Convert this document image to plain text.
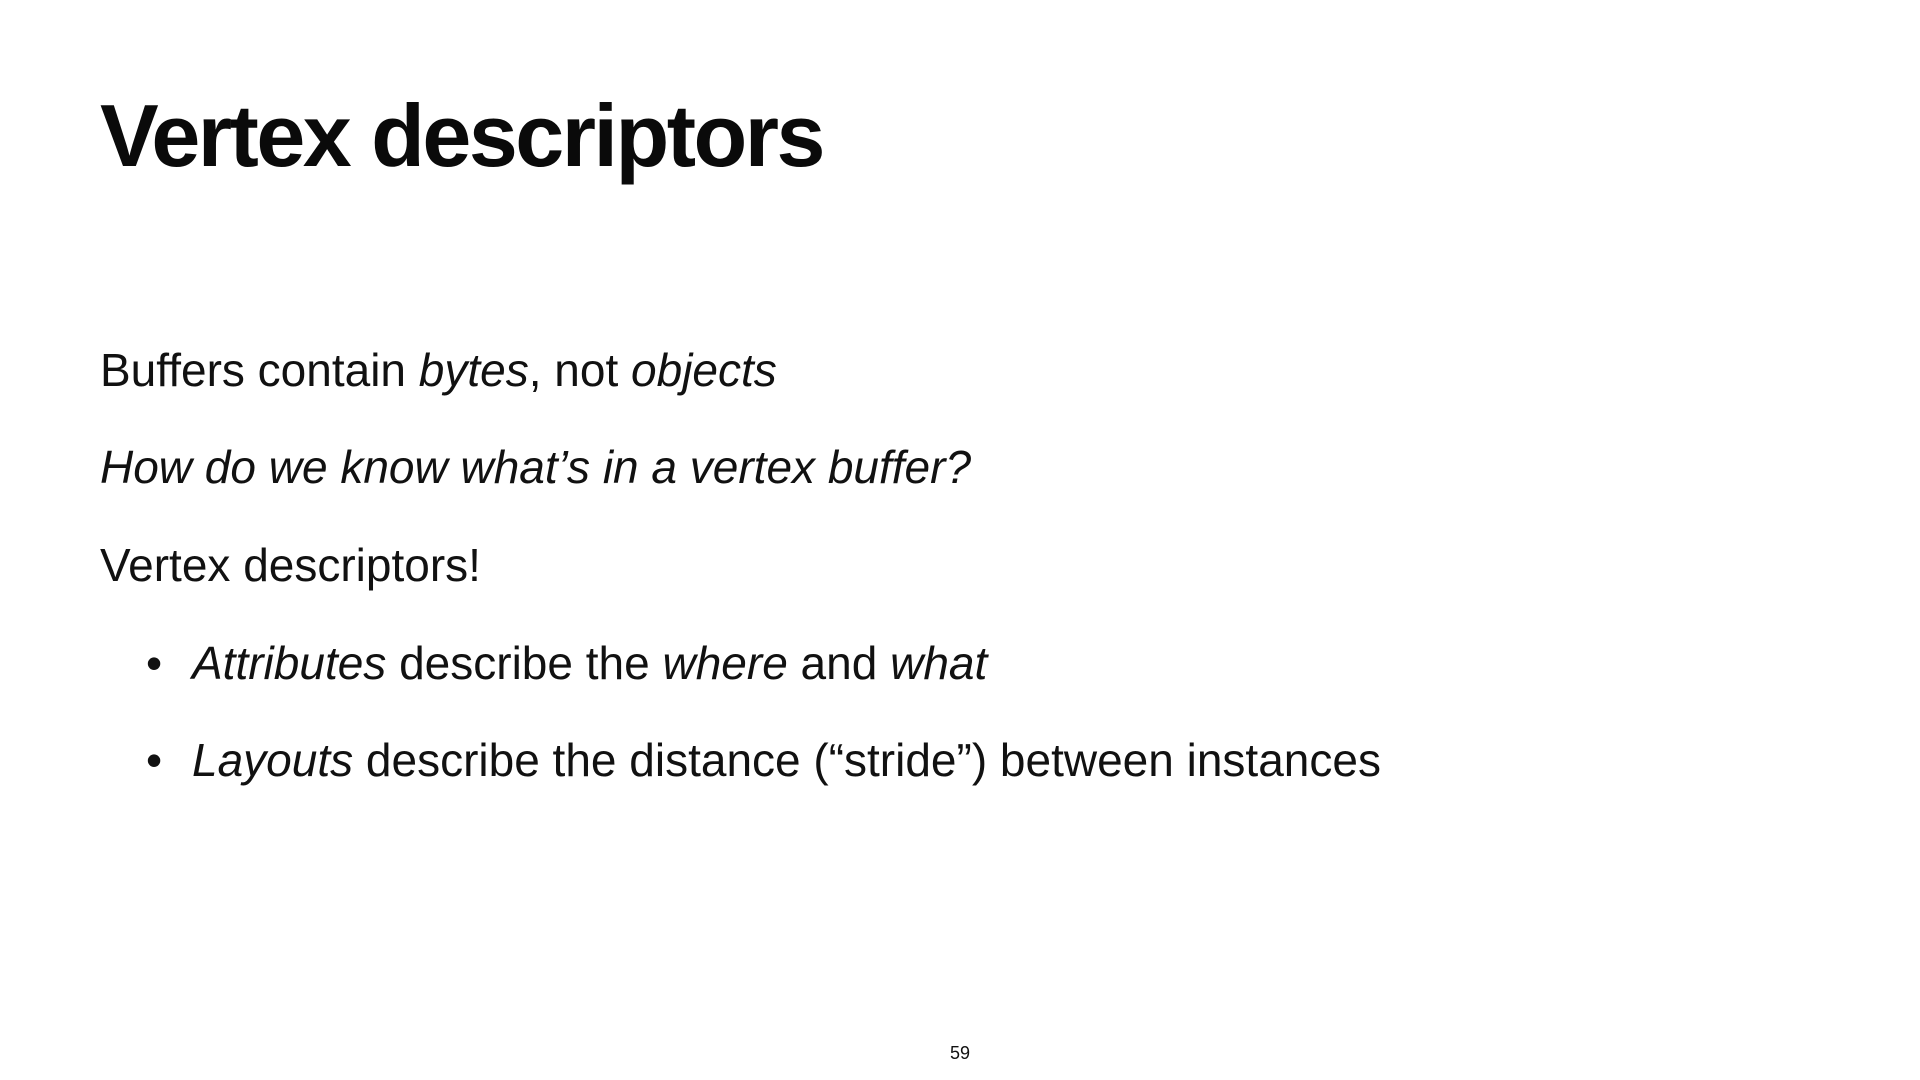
Vertex descriptors

Buffers contain bytes, not objects

How do we know what’s in a vertex buffer?

Vertex descriptors!

• Attributes describe the where and what

• Layouts describe the distance (“stride”) between instances

59
